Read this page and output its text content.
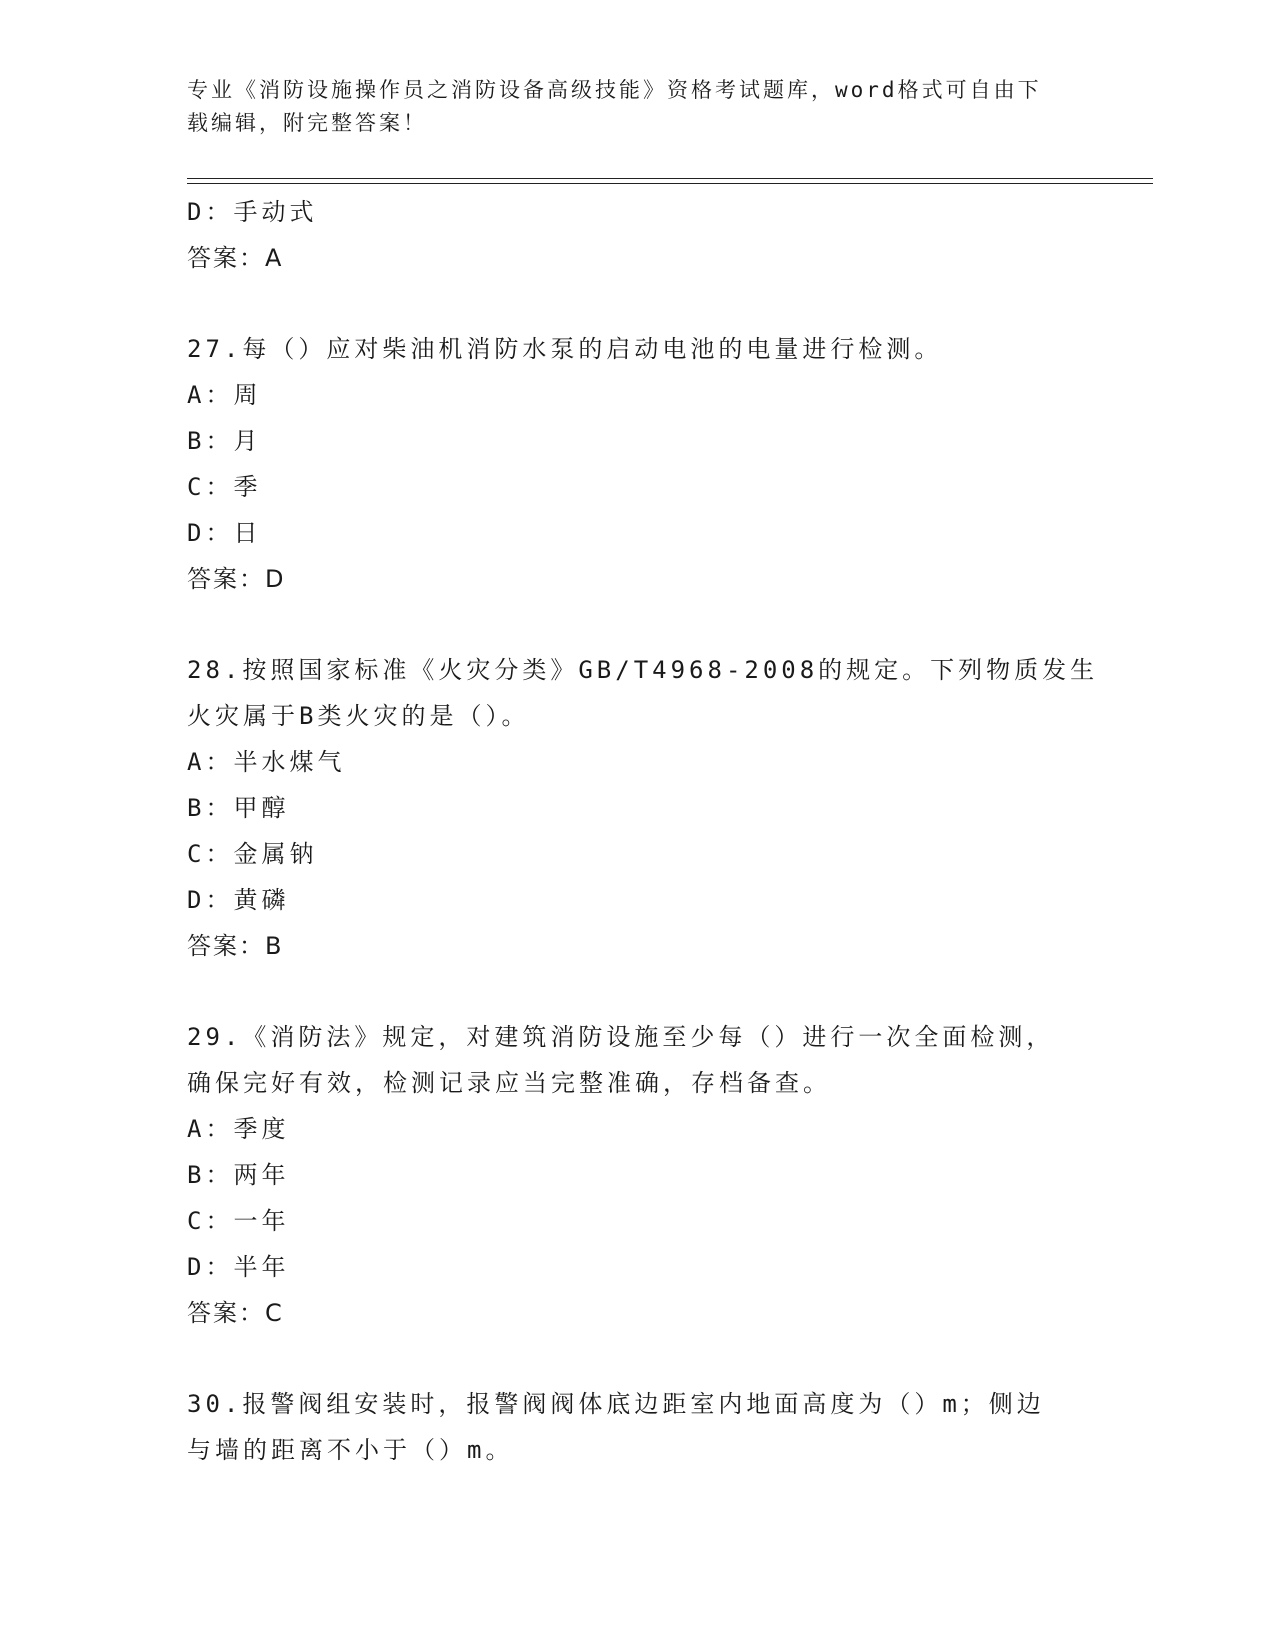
专业《消防设施操作员之消防设备高级技能》资格考试题库，word格式可自由下
载编辑，附完整答案！
D：手动式
答案：A
27.每（）应对柴油机消防水泵的启动电池的电量进行检测。
A：周
B：月
C：季
D：日
答案：D
28.按照国家标准《火灾分类》GB/T4968-2008的规定。下列物质发生
火灾属于B类火灾的是（）。
A：半水煤气
B：甲醇
C：金属钠
D：黄磷
答案：B
29.《消防法》规定，对建筑消防设施至少每（）进行一次全面检测，
确保完好有效，检测记录应当完整准确，存档备查。
A：季度
B：两年
C：一年
D：半年
答案：C
30.报警阀组安装时，报警阀阀体底边距室内地面高度为（）m；侧边
与墙的距离不小于（）m。
